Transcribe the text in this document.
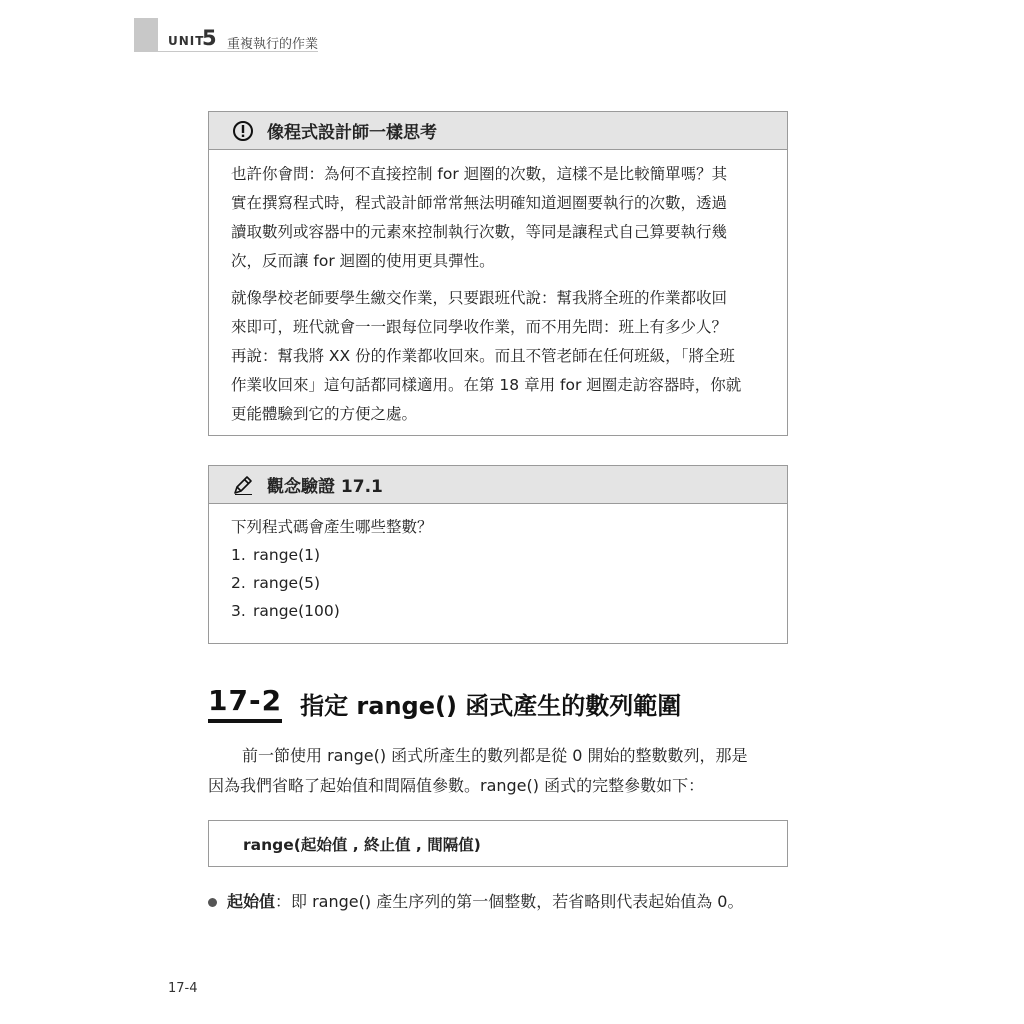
UNIT
5 重複執行的作業
像程式設計師一樣思考
也許你會問：為何不直接控制 for 迴圈的次數，這樣不是比較簡單嗎？其
實在撰寫程式時，程式設計師常常無法明確知道迴圈要執行的次數，透過
讀取數列或容器中的元素來控制執行次數，等同是讓程式自己算要執行幾
次，反而讓 for 迴圈的使用更具彈性。
就像學校老師要學生繳交作業，只要跟班代說：幫我將全班的作業都收回
來即可，班代就會一一跟每位同學收作業，而不用先問：班上有多少人？
再說：幫我將 XX 份的作業都收回來。而且不管老師在任何班級，「將全班
作業收回來」這句話都同樣適用。在第 18 章用 for 迴圈走訪容器時，你就
更能體驗到它的方便之處。
觀念驗證 17.1
下列程式碼會產生哪些整數？
1. range(1)
2. range(5)
3. range(100)
17-2 指定 range() 函式產生的數列範圍
前一節使用 range() 函式所產生的數列都是從 0 開始的整數數列，那是
因為我們省略了起始值和間隔值參數。range() 函式的完整參數如下：
range(起始值 , 終止值 , 間隔值)
起始值 ：即 range() 產生序列的第一個整數，若省略則代表起始值為 0。
17-4
